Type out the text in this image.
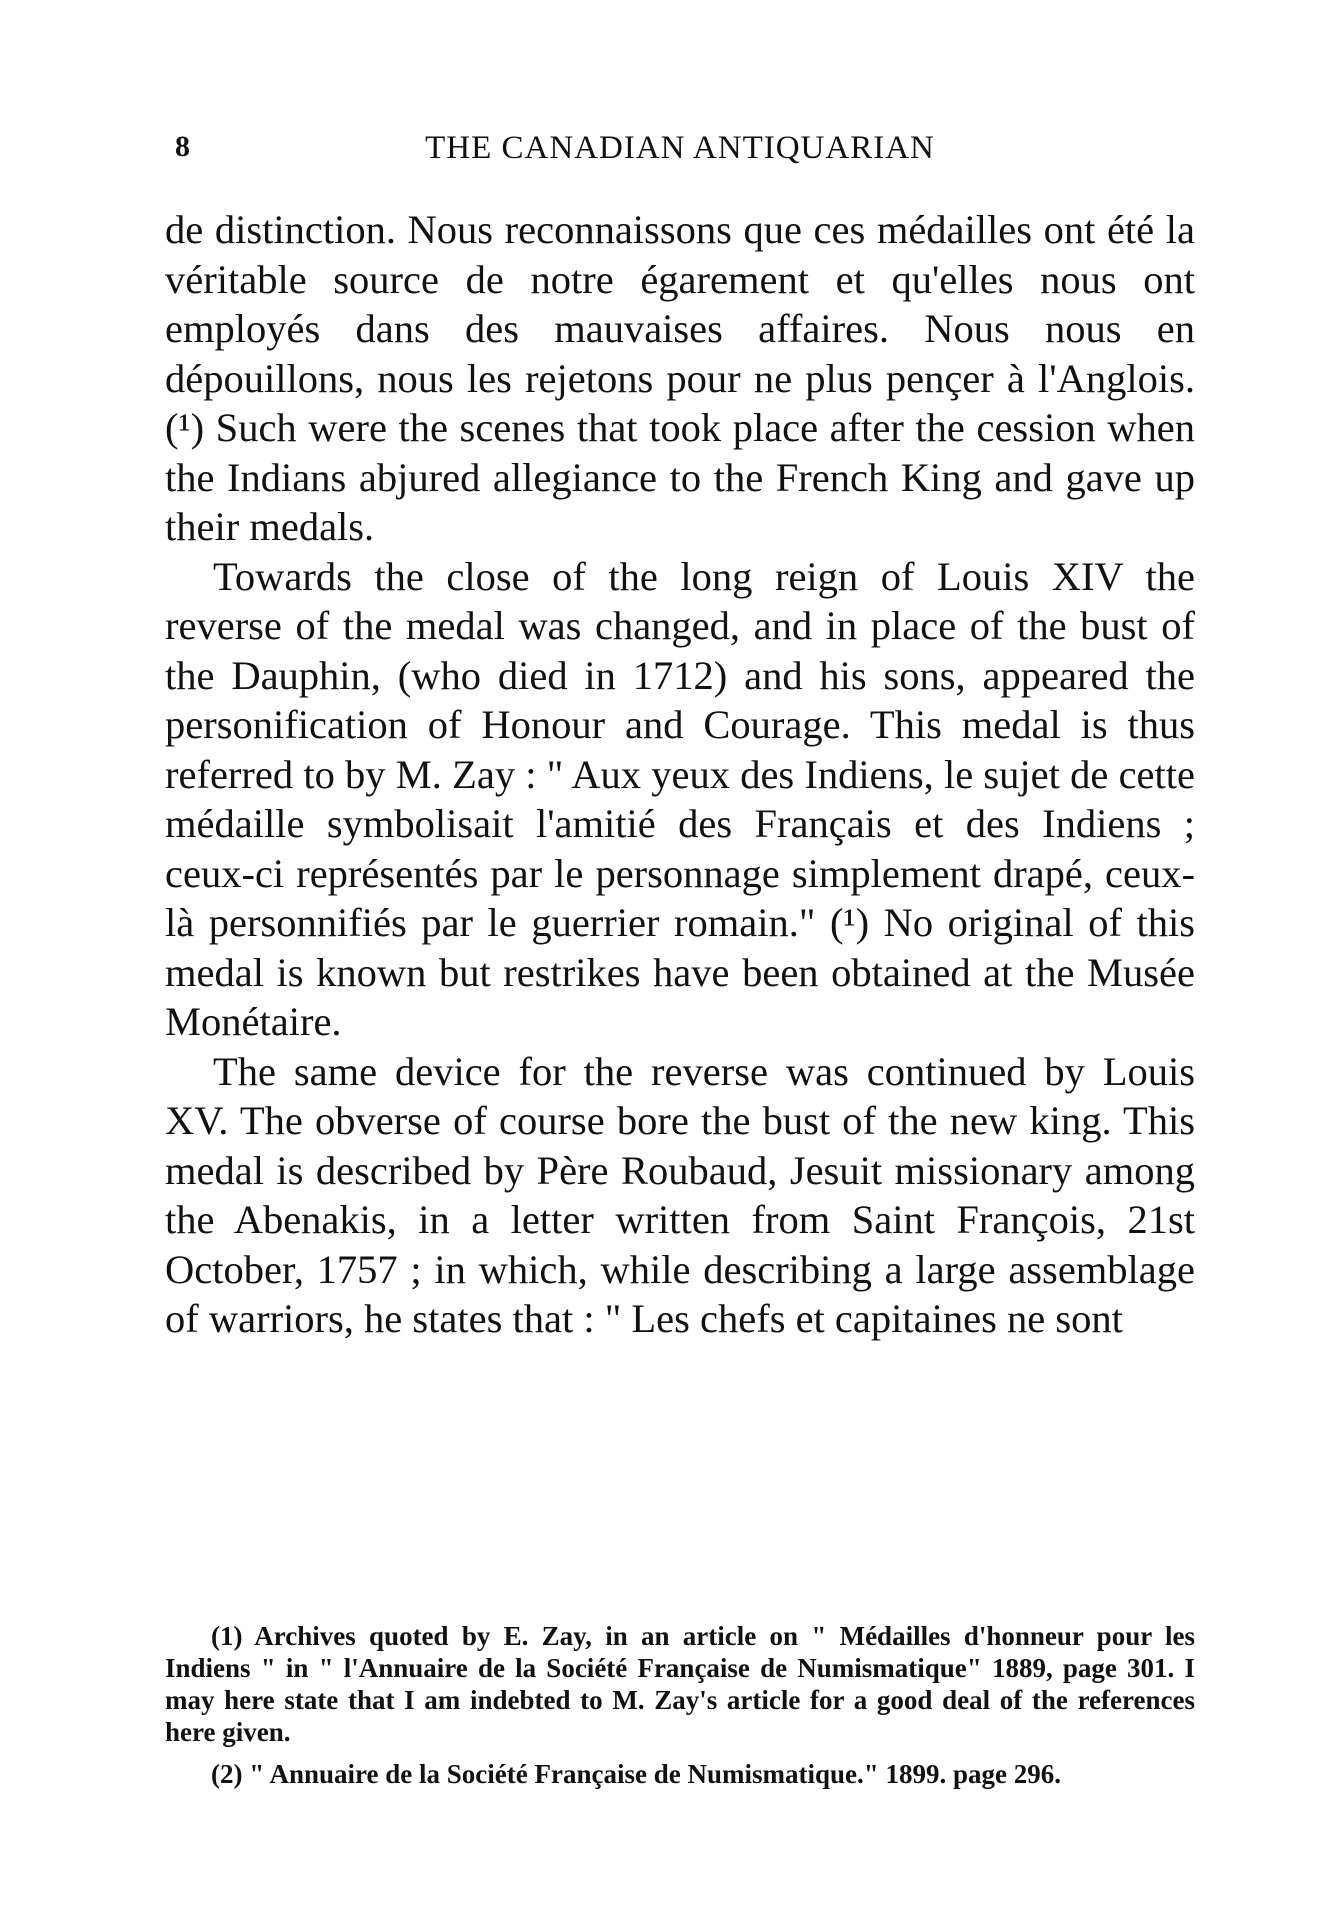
8	THE CANADIAN ANTIQUARIAN

de distinction. Nous reconnaissons que ces médailles ont été la véritable source de notre égarement et qu'elles nous ont employés dans des mauvaises affaires. Nous nous en dépouillons, nous les rejetons pour ne plus pençer à l'Anglois. (¹) Such were the scenes that took place after the cession when the Indians abjured allegiance to the French King and gave up their medals.

Towards the close of the long reign of Louis XIV the reverse of the medal was changed, and in place of the bust of the Dauphin, (who died in 1712) and his sons, appeared the personification of Honour and Courage. This medal is thus referred to by M. Zay : " Aux yeux des Indiens, le sujet de cette médaille symbolisait l'amitié des Français et des Indiens ; ceux-ci représentés par le personnage simplement drapé, ceux-là personnifiés par le guerrier romain." (¹) No original of this medal is known but restrikes have been obtained at the Musée Monétaire.

The same device for the reverse was continued by Louis XV. The obverse of course bore the bust of the new king. This medal is described by Père Roubaud, Jesuit missionary among the Abenakis, in a letter written from Saint François, 21st October, 1757 ; in which, while describing a large assemblage of warriors, he states that : " Les chefs et capitaines ne sont

(1) Archives quoted by E. Zay, in an article on " Médailles d'honneur pour les Indiens " in " l'Annuaire de la Société Française de Numismatique" 1889, page 301. I may here state that I am indebted to M. Zay's article for a good deal of the references here given.

(2) " Annuaire de la Société Française de Numismatique." 1899. page 296.
